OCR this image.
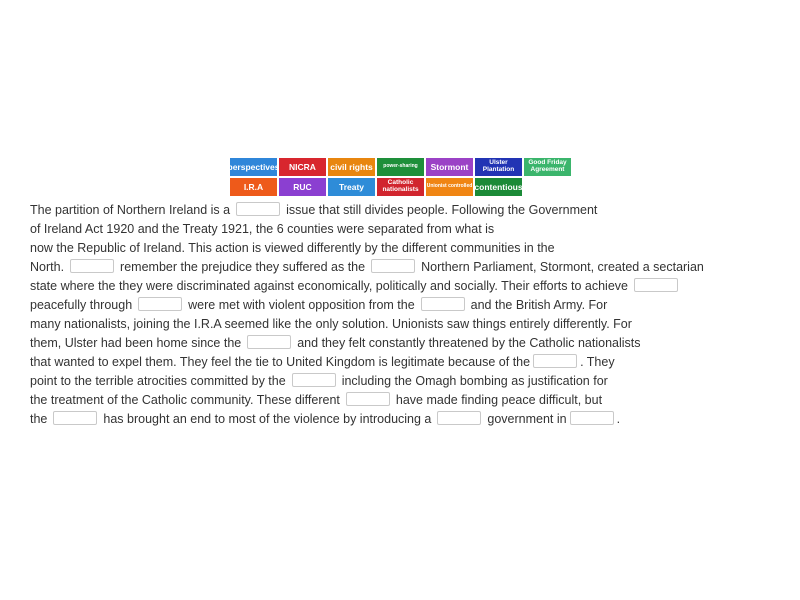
perspectives	NICRA	civil rights	power-sharing	Stormont	Ulster Plantation
Good Friday Agreement
I.R.A	RUC	Treaty	Catholic nationalists	Unionist controlled contentious
The partition of Northern Ireland is a	issue that still divides people. Following the Government
of Ireland Act 1920 and the Treaty 1921, the 6 counties were separated from what is
now the Republic of Ireland. This action is viewed differently by the different communities in the
North.	remember the prejudice they suffered as the	Northern Parliament, Stormont, created a sectarian
state where the they were discriminated against economically, politically and socially. Their efforts to achieve
peacefully through	were met with violent opposition from the	and the British Army. For
many nationalists, joining the I.R.A seemed like the only solution. Unionists saw things entirely differently. For
them, Ulster had been home since the	and they felt constantly threatened by the Catholic nationalists
that wanted to expel them. They feel the tie to United Kingdom is legitimate because of the	. They
point to the terrible atrocities committed by the	including the Omagh bombing as justification for
the treatment of the Catholic community. These different	have made finding peace difficult, but
the	has brought an end to most of the violence by introducing a	government in	.
